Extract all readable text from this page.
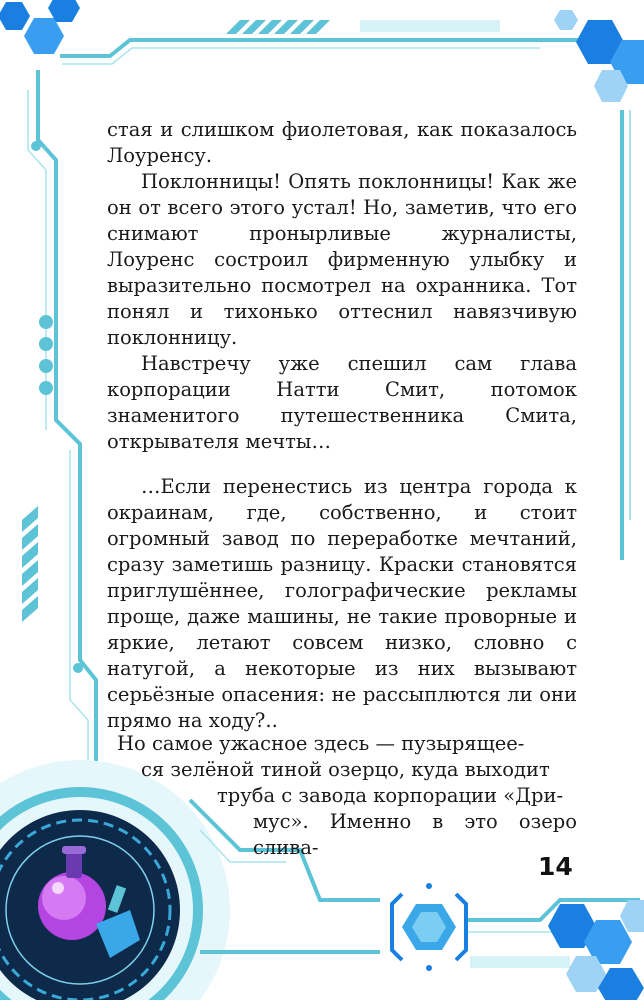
стая и слишком фиолетовая, как показалось Лоуренсу.

Поклонницы! Опять поклонницы! Как же он от всего этого устал! Но, заметив, что его снимают пронырливые журналисты, Лоуренс состроил фирменную улыбку и выразительно посмотрел на охранника. Тот понял и тихонько оттеснил навязчивую поклонницу.

Навстречу уже спешил сам глава корпорации Натти Смит, потомок знаменитого путешественника Смита, открывателя мечты…

…Если перенестись из центра города к окраинам, где, собственно, и стоит огромный завод по переработке мечтаний, сразу заметишь разницу. Краски становятся приглушённее, голографические рекламы проще, даже машины, не такие проворные и яркие, летают совсем низко, словно с натугой, а некоторые из них вызывают серьёзные опасения: не рассыплются ли они прямо на ходу?..

Но самое ужасное здесь — пузырящее-
ся зелёной тиной озерцо, куда выходит
труба с завода корпорации «Дри-
мус». Именно в это озеро слива-
14
